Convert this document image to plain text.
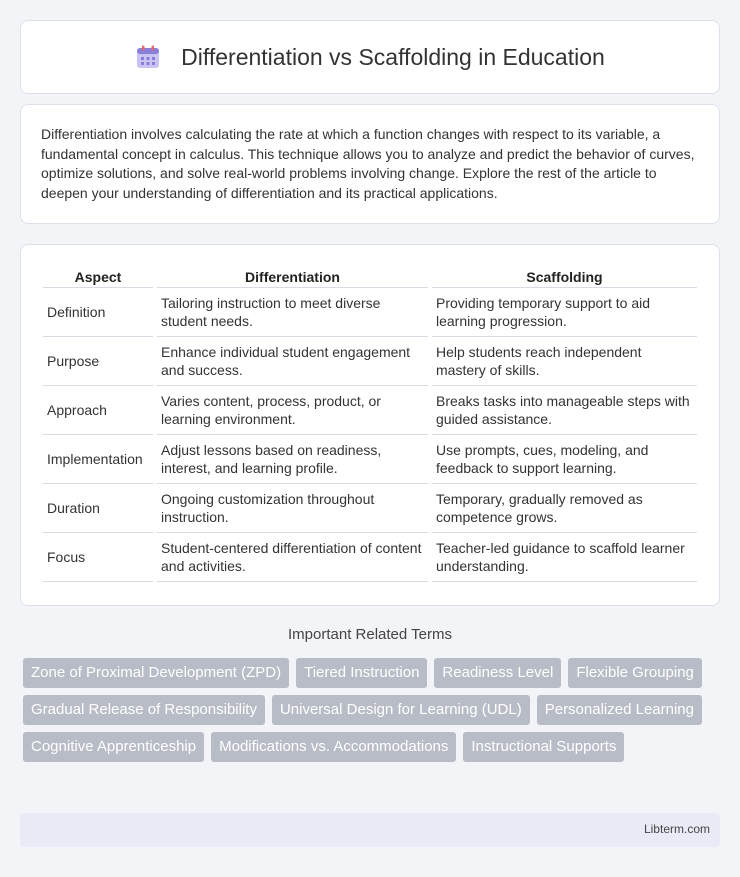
Differentiation vs Scaffolding in Education

Differentiation involves calculating the rate at which a function changes with respect to its variable, a fundamental concept in calculus. This technique allows you to analyze and predict the behavior of curves, optimize solutions, and solve real-world problems involving change. Explore the rest of the article to deepen your understanding of differentiation and its practical applications.

Aspect	Differentiation	Scaffolding
Definition	Tailoring instruction to meet diverse student needs.	Providing temporary support to aid learning progression.
Purpose	Enhance individual student engagement and success.	Help students reach independent mastery of skills.
Approach	Varies content, process, product, or learning environment.	Breaks tasks into manageable steps with guided assistance.
Implementation	Adjust lessons based on readiness, interest, and learning profile.	Use prompts, cues, modeling, and feedback to support learning.
Duration	Ongoing customization throughout instruction.	Temporary, gradually removed as competence grows.
Focus	Student-centered differentiation of content and activities.	Teacher-led guidance to scaffold learner understanding.
Important Related Terms
Zone of Proximal Development (ZPD)	Tiered Instruction	Readiness Level	Flexible Grouping
Gradual Release of Responsibility	Universal Design for Learning (UDL)	Personalized Learning
Cognitive Apprenticeship	Modifications vs. Accommodations	Instructional Supports
Libterm.com
